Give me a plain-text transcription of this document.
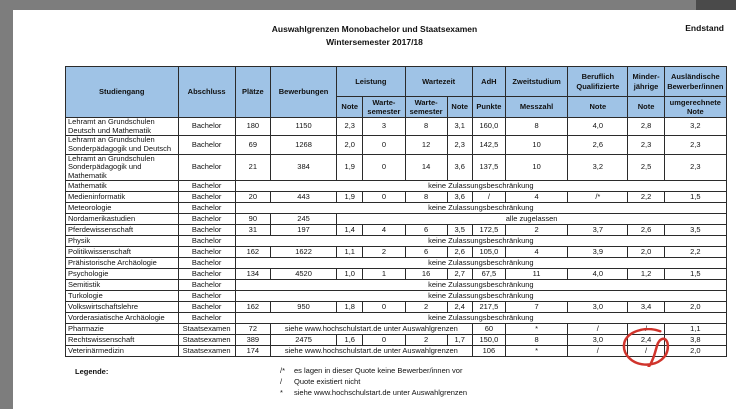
Auswahlgrenzen Monobachelor und Staatsexamen
Wintersemester 2017/18
Endstand
Studiengang	Abschluss	Plätze	Bewerbungen	Leistung		Wartezeit		AdH	Zweitstudium	Beruflich Qualifizierte	Minder-jährige	Ausländische Bewerber/innen
				Note	Warte-semester	Warte-semester	Note	Punkte	Messzahl	Note	Note	umgerechnete Note
Lehramt an Grundschulen Deutsch und Mathematik	Bachelor	180	1150	2,3	3	8	3,1	160,0	8	4,0	2,8	3,2
Lehramt an Grundschulen Sonderpädagogik und Deutsch	Bachelor	69	1268	2,0	0	12	2,3	142,5	10	2,6	2,3	2,3
Lehramt an Grundschulen Sonderpädagogik und Mathematik	Bachelor	21	384	1,9	0	14	3,6	137,5	10	3,2	2,5	2,3
Mathematik	Bachelor	keine Zulassungsbeschränkung										
Medieninformatik	Bachelor	20	443	1,9	0	8	3,6	/	4	/*	2,2	1,5
Meteorologie	Bachelor	keine Zulassungsbeschränkung										
Nordamerikastudien	Bachelor	90	245	alle zugelassen								
Pferdewissenschaft	Bachelor	31	197	1,4	4	6	3,5	172,5	2	3,7	2,6	3,5
Physik	Bachelor	keine Zulassungsbeschränkung										
Politikwissenschaft	Bachelor	162	1622	1,1	2	6	2,6	105,0	4	3,9	2,0	2,2
Prähistorische Archäologie	Bachelor	keine Zulassungsbeschränkung										
Psychologie	Bachelor	134	4520	1,0	1	16	2,7	67,5	11	4,0	1,2	1,5
Semitistik	Bachelor	keine Zulassungsbeschränkung										
Turkologie	Bachelor	keine Zulassungsbeschränkung										
Volkswirtschaftslehre	Bachelor	162	950	1,8	0	2	2,4	217,5	7	3,0	3,4	2,0
Vorderasiatische Archäologie	Bachelor	keine Zulassungsbeschränkung										
Pharmazie	Staatsexamen	72	siehe www.hochschulstart.de unter Auswahlgrenzen					60	*	/	/	1,1
Rechtswissenschaft	Staatsexamen	389	2475	1,6	0	2	1,7	150,0	8	3,0	2,4	3,8
Veterinärmedizin	Staatsexamen	174	siehe www.hochschulstart.de unter Auswahlgrenzen					106	*	/	/	2,0
Legende:	/* es lagen in dieser Quote keine Bewerber/innen vor
/ Quote existiert nicht
* siehe www.hochschulstart.de unter Auswahlgrenzen
